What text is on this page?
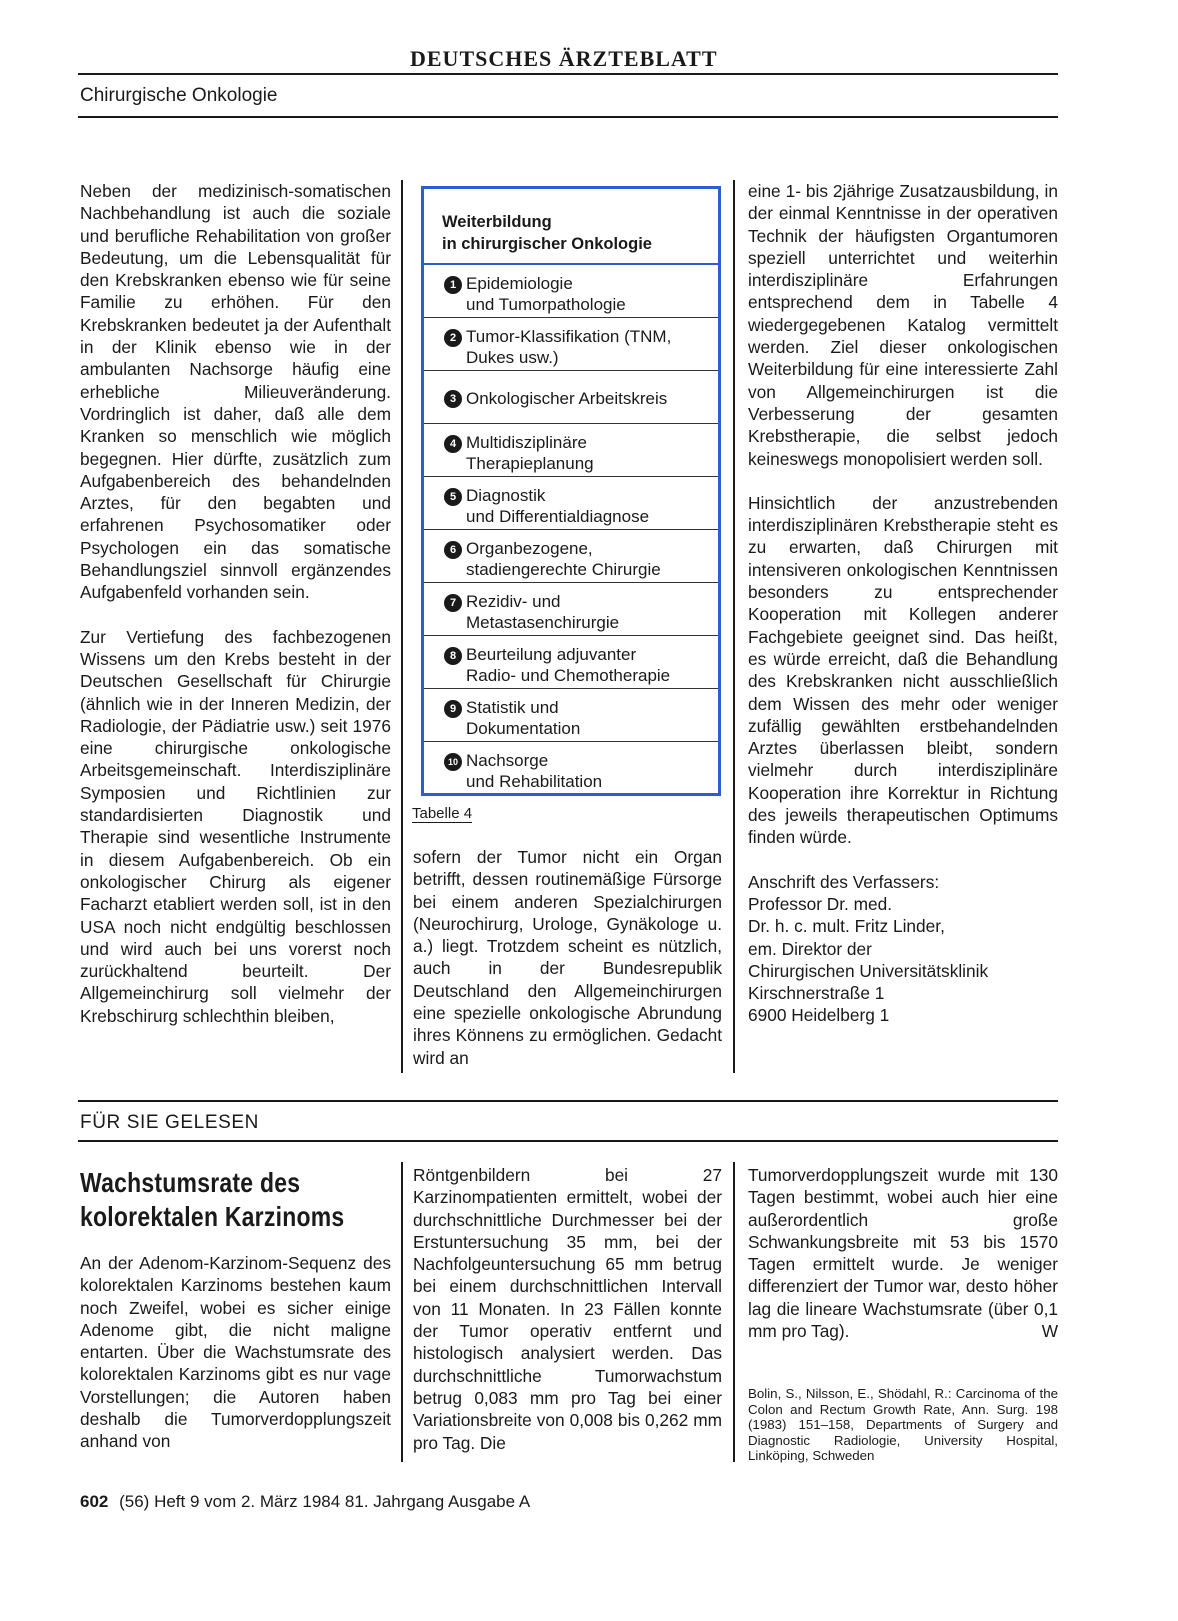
DEUTSCHES ÄRZTEBLATT
Chirurgische Onkologie

Neben der medizinisch-somatischen Nachbehandlung ist auch die soziale und berufliche Rehabilitation von großer Bedeutung, um die Lebensqualität für den Krebskranken ebenso wie für seine Familie zu erhöhen. Für den Krebskranken bedeutet ja der Aufenthalt in der Klinik ebenso wie in der ambulanten Nachsorge häufig eine erhebliche Milieuveränderung. Vordringlich ist daher, daß alle dem Kranken so menschlich wie möglich begegnen. Hier dürfte, zusätzlich zum Aufgabenbereich des behandelnden Arztes, für den begabten und erfahrenen Psychosomatiker oder Psychologen ein das somatische Behandlungsziel sinnvoll ergänzendes Aufgabenfeld vorhanden sein.

Zur Vertiefung des fachbezogenen Wissens um den Krebs besteht in der Deutschen Gesellschaft für Chirurgie (ähnlich wie in der Inneren Medizin, der Radiologie, der Pädiatrie usw.) seit 1976 eine chirurgische onkologische Arbeitsgemeinschaft. Interdisziplinäre Symposien und Richtlinien zur standardisierten Diagnostik und Therapie sind wesentliche Instrumente in diesem Aufgabenbereich. Ob ein onkologischer Chirurg als eigener Facharzt etabliert werden soll, ist in den USA noch nicht endgültig beschlossen und wird auch bei uns vorerst noch zurückhaltend beurteilt. Der Allgemeinchirurg soll vielmehr der Krebschirurg schlechthin bleiben,

Weiterbildung
in chirurgischer Onkologie
1 Epidemiologie
und Tumorpathologie
2 Tumor-Klassifikation (TNM,
Dukes usw.)
3 Onkologischer Arbeitskreis
4 Multidisziplinäre
Therapieplanung
5 Diagnostik
und Differentialdiagnose
6 Organbezogene,
stadiengerechte Chirurgie
7 Rezidiv- und
Metastasenchirurgie
8 Beurteilung adjuvanter
Radio- und Chemotherapie
9 Statistik und
Dokumentation
10 Nachsorge
und Rehabilitation
Tabelle 4

sofern der Tumor nicht ein Organ betrifft, dessen routinemäßige Fürsorge bei einem anderen Spezialchirurgen (Neurochirurg, Urologe, Gynäkologe u. a.) liegt. Trotzdem scheint es nützlich, auch in der Bundesrepublik Deutschland den Allgemeinchirurgen eine spezielle onkologische Abrundung ihres Könnens zu ermöglichen. Gedacht wird an

eine 1- bis 2jährige Zusatzausbildung, in der einmal Kenntnisse in der operativen Technik der häufigsten Organtumoren speziell unterrichtet und weiterhin interdisziplinäre Erfahrungen entsprechend dem in Tabelle 4 wiedergegebenen Katalog vermittelt werden. Ziel dieser onkologischen Weiterbildung für eine interessierte Zahl von Allgemeinchirurgen ist die Verbesserung der gesamten Krebstherapie, die selbst jedoch keineswegs monopolisiert werden soll.

Hinsichtlich der anzustrebenden interdisziplinären Krebstherapie steht es zu erwarten, daß Chirurgen mit intensiveren onkologischen Kenntnissen besonders zu entsprechender Kooperation mit Kollegen anderer Fachgebiete geeignet sind. Das heißt, es würde erreicht, daß die Behandlung des Krebskranken nicht ausschließlich dem Wissen des mehr oder weniger zufällig gewählten erstbehandelnden Arztes überlassen bleibt, sondern vielmehr durch interdisziplinäre Kooperation ihre Korrektur in Richtung des jeweils therapeutischen Optimums finden würde.

Anschrift des Verfassers:
Professor Dr. med.
Dr. h. c. mult. Fritz Linder,
em. Direktor der
Chirurgischen Universitätsklinik
Kirschnerstraße 1
6900 Heidelberg 1
FÜR SIE GELESEN
Wachstumsrate des
kolorektalen Karzinoms

An der Adenom-Karzinom-Sequenz des kolorektalen Karzinoms bestehen kaum noch Zweifel, wobei es sicher einige Adenome gibt, die nicht maligne entarten. Über die Wachstumsrate des kolorektalen Karzinoms gibt es nur vage Vorstellungen; die Autoren haben deshalb die Tumorverdopplungszeit anhand von

Röntgenbildern bei 27 Karzinompatienten ermittelt, wobei der durchschnittliche Durchmesser bei der Erstuntersuchung 35 mm, bei der Nachfolgeuntersuchung 65 mm betrug bei einem durchschnittlichen Intervall von 11 Monaten. In 23 Fällen konnte der Tumor operativ entfernt und histologisch analysiert werden. Das durchschnittliche Tumorwachstum betrug 0,083 mm pro Tag bei einer Variationsbreite von 0,008 bis 0,262 mm pro Tag. Die

Tumorverdopplungszeit wurde mit 130 Tagen bestimmt, wobei auch hier eine außerordentlich große Schwankungsbreite mit 53 bis 1570 Tagen ermittelt wurde. Je weniger differenziert der Tumor war, desto höher lag die lineare Wachstumsrate (über 0,1 mm pro Tag).	W
Bolin, S., Nilsson, E., Shödahl, R.: Carcinoma of the Colon and Rectum Growth Rate, Ann. Surg. 198 (1983) 151–158, Departments of Surgery and Diagnostic Radiologie, University Hospital, Linköping, Schweden
602 (56) Heft 9 vom 2. März 1984 81. Jahrgang Ausgabe A
